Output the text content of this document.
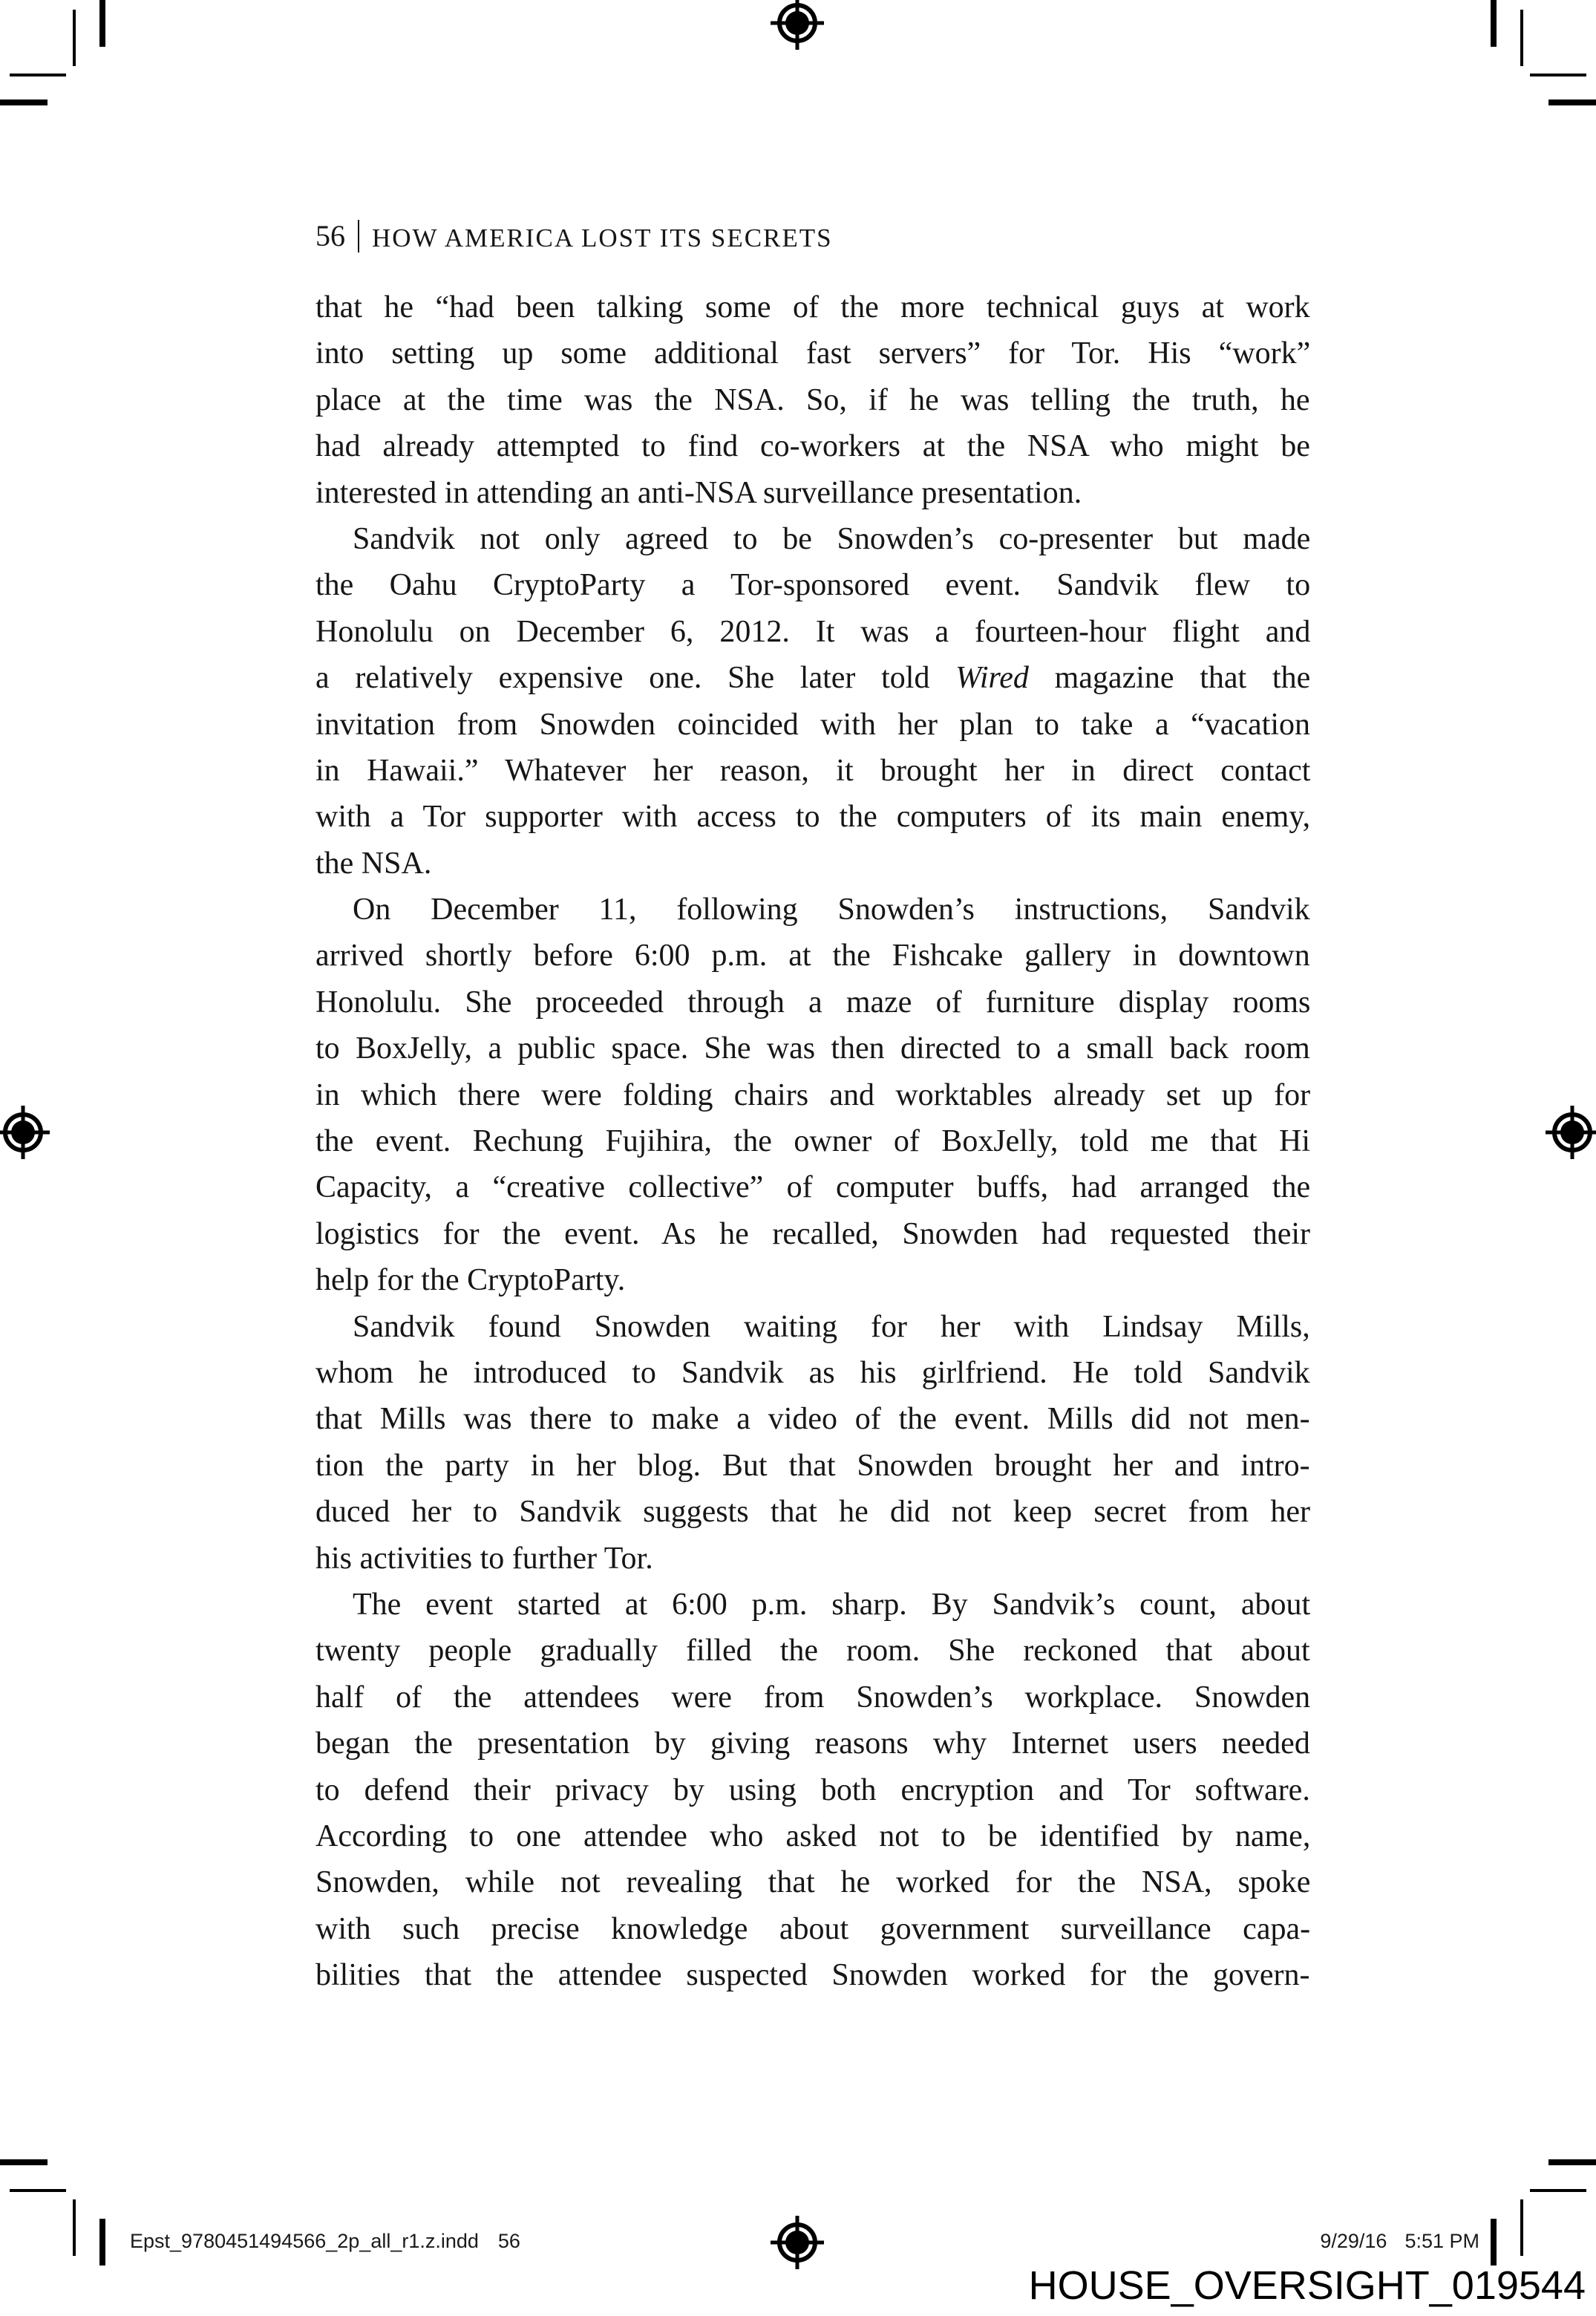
56 HOW AMERICA LOST ITS SECRETS
that he “had been talking some of the more technical guys at work
into setting up some additional fast servers” for Tor. His “work”
place at the time was the NSA. So, if he was telling the truth, he
had already attempted to find co-workers at the NSA who might be
interested in attending an anti-NSA surveillance presentation.
Sandvik not only agreed to be Snowden’s co-presenter but made
the Oahu CryptoParty a Tor-sponsored event. Sandvik flew to
Honolulu on December 6, 2012. It was a fourteen-hour flight and
a relatively expensive one. She later told Wired magazine that the
invitation from Snowden coincided with her plan to take a “vacation
in Hawaii.” Whatever her reason, it brought her in direct contact
with a Tor supporter with access to the computers of its main enemy,
the NSA.
On December 11, following Snowden’s instructions, Sandvik
arrived shortly before 6:00 p.m. at the Fishcake gallery in downtown
Honolulu. She proceeded through a maze of furniture display rooms
to BoxJelly, a public space. She was then directed to a small back room
in which there were folding chairs and worktables already set up for
the event. Rechung Fujihira, the owner of BoxJelly, told me that Hi
Capacity, a “creative collective” of computer buffs, had arranged the
logistics for the event. As he recalled, Snowden had requested their
help for the CryptoParty.
Sandvik found Snowden waiting for her with Lindsay Mills,
whom he introduced to Sandvik as his girlfriend. He told Sandvik
that Mills was there to make a video of the event. Mills did not men-
tion the party in her blog. But that Snowden brought her and intro-
duced her to Sandvik suggests that he did not keep secret from her
his activities to further Tor.
The event started at 6:00 p.m. sharp. By Sandvik’s count, about
twenty people gradually filled the room. She reckoned that about
half of the attendees were from Snowden’s workplace. Snowden
began the presentation by giving reasons why Internet users needed
to defend their privacy by using both encryption and Tor software.
According to one attendee who asked not to be identified by name,
Snowden, while not revealing that he worked for the NSA, spoke
with such precise knowledge about government surveillance capa-
bilities that the attendee suspected Snowden worked for the govern-
Epst_9780451494566_2p_all_r1.z.indd 56	9/29/16 5:51 PM
HOUSE_OVERSIGHT_019544
